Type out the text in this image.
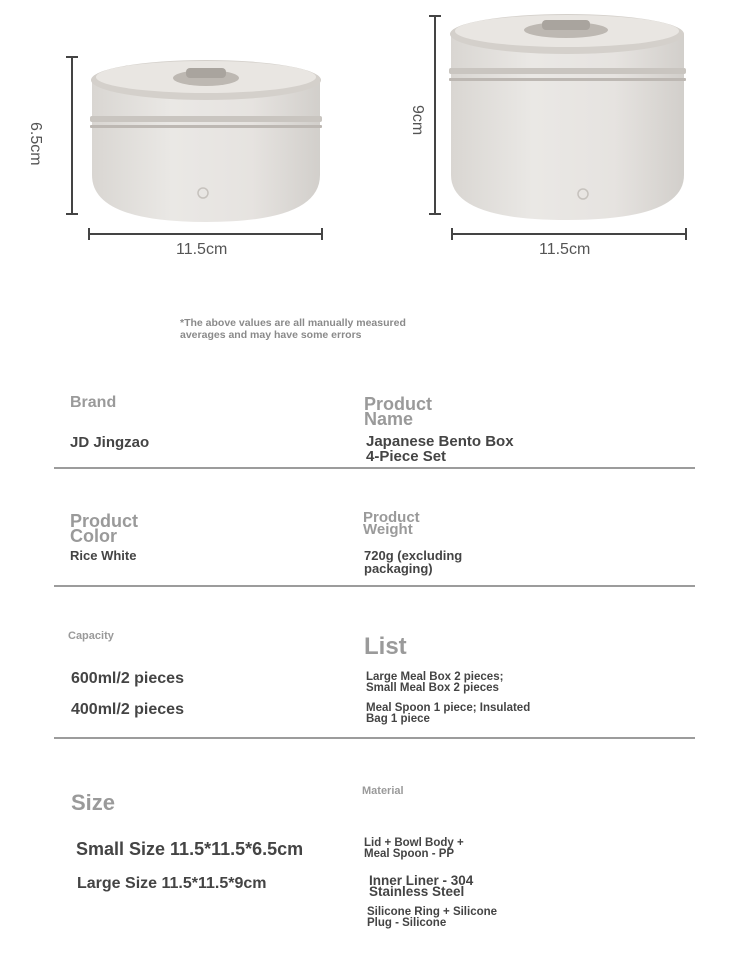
6.5cm
11.5cm
9cm
11.5cm
*The above values are all manually measured
averages and may have some errors
Brand
JD Jingzao
Product
Name
Japanese Bento Box
4-Piece Set
Product
Color
Rice White
Product
Weight
720g (excluding
packaging)
Capacity
600ml/2 pieces
400ml/2 pieces
List
Large Meal Box 2 pieces;
Small Meal Box 2 pieces
Meal Spoon 1 piece; Insulated
Bag 1 piece
Size
Small Size 11.5*11.5*6.5cm
Large Size 11.5*11.5*9cm
Material
Lid + Bowl Body +
Meal Spoon - PP
Inner Liner - 304
Stainless Steel
Silicone Ring + Silicone
Plug - Silicone
